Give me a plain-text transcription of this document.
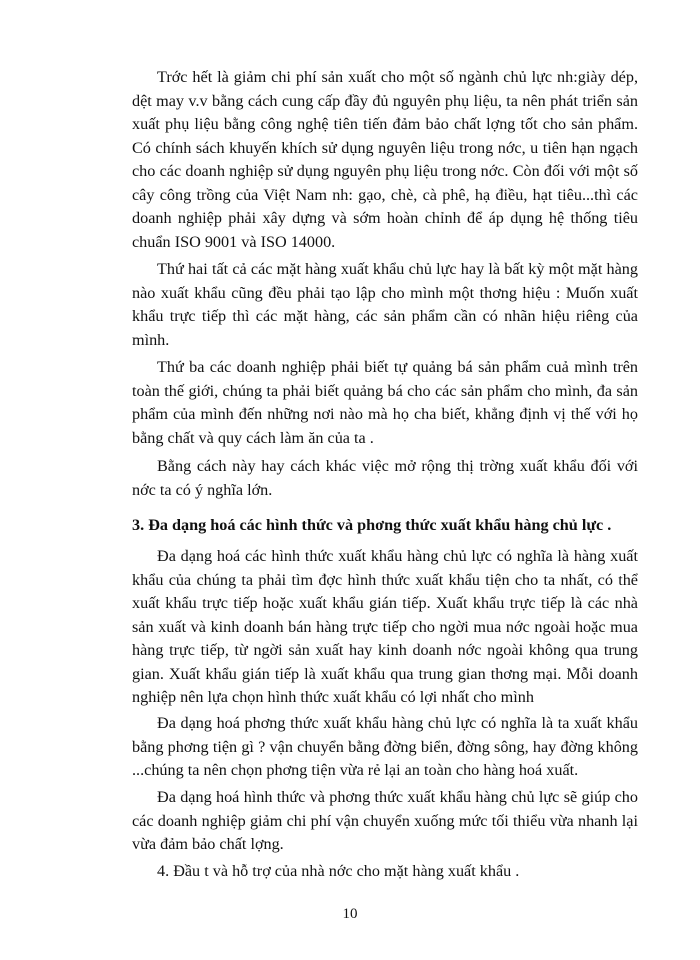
Trớc hết là giảm chi phí sản xuất cho một số ngành chủ lực nh:giày dép, dệt may v.v bằng cách cung cấp đầy đủ nguyên phụ liệu, ta nên phát triển sản xuất phụ liệu bằng công nghệ tiên tiến đảm bảo chất lợng tốt cho sản phẩm. Có chính sách khuyến khích sử dụng nguyên liệu trong nớc, u tiên hạn ngạch cho các doanh nghiệp sử dụng nguyên phụ liệu trong nớc. Còn đối với một số cây công trồng của Việt Nam nh: gạo, chè, cà phê, hạ điều, hạt tiêu...thì các doanh nghiệp phải xây dựng và sớm hoàn chỉnh để áp dụng hệ thống tiêu chuẩn ISO 9001 và ISO 14000.

Thứ hai tất cả các mặt hàng xuất khẩu chủ lực hay là bất kỳ một mặt hàng nào xuất khẩu cũng đều phải tạo lập cho mình một thơng hiệu : Muốn xuất khẩu trực tiếp thì các mặt hàng, các sản phẩm cần có nhãn hiệu riêng của mình.

Thứ ba các doanh nghiệp phải biết tự quảng bá sản phẩm cuả mình trên toàn thế giới, chúng ta phải biết quảng bá cho các sản phẩm cho mình, đa sản phẩm của mình đến những nơi nào mà họ cha biết, khẳng định vị thế với họ bằng chất và quy cách làm ăn của ta .

Bằng cách này hay cách khác việc mở rộng thị trờng xuất khẩu đối với nớc ta có ý nghĩa lớn.

3. Đa dạng hoá các hình thức và phơng thức xuất khẩu hàng chủ lực .

Đa dạng hoá các hình thức xuất khẩu hàng chủ lực có nghĩa là hàng xuất khẩu của chúng ta phải tìm đợc hình thức xuất khẩu tiện cho ta nhất, có thể xuất khẩu trực tiếp hoặc xuất khẩu gián tiếp. Xuất khẩu trực tiếp là các nhà sản xuất và kinh doanh bán hàng trực tiếp cho ngời mua nớc ngoài hoặc mua hàng trực tiếp, từ ngời sản xuất hay kinh doanh nớc ngoài không qua trung gian. Xuất khẩu gián tiếp là xuất khẩu qua trung gian thơng mại. Mỗi doanh nghiệp nên lựa chọn hình thức xuất khẩu có lợi nhất cho mình

Đa dạng hoá phơng thức xuất khẩu hàng chủ lực có nghĩa là ta xuất khẩu bằng phơng tiện gì ? vận chuyển bằng đờng biển, đờng sông, hay đờng không ...chúng ta nên chọn phơng tiện vừa rẻ lại an toàn cho hàng hoá xuất.

Đa dạng hoá hình thức và phơng thức xuất khẩu hàng chủ lực sẽ giúp cho các doanh nghiệp giảm chi phí vận chuyển xuống mức tối thiểu vừa nhanh lại vừa đảm bảo chất lợng.

4. Đầu t và hỗ trợ của nhà nớc cho mặt hàng xuất khẩu .

10
